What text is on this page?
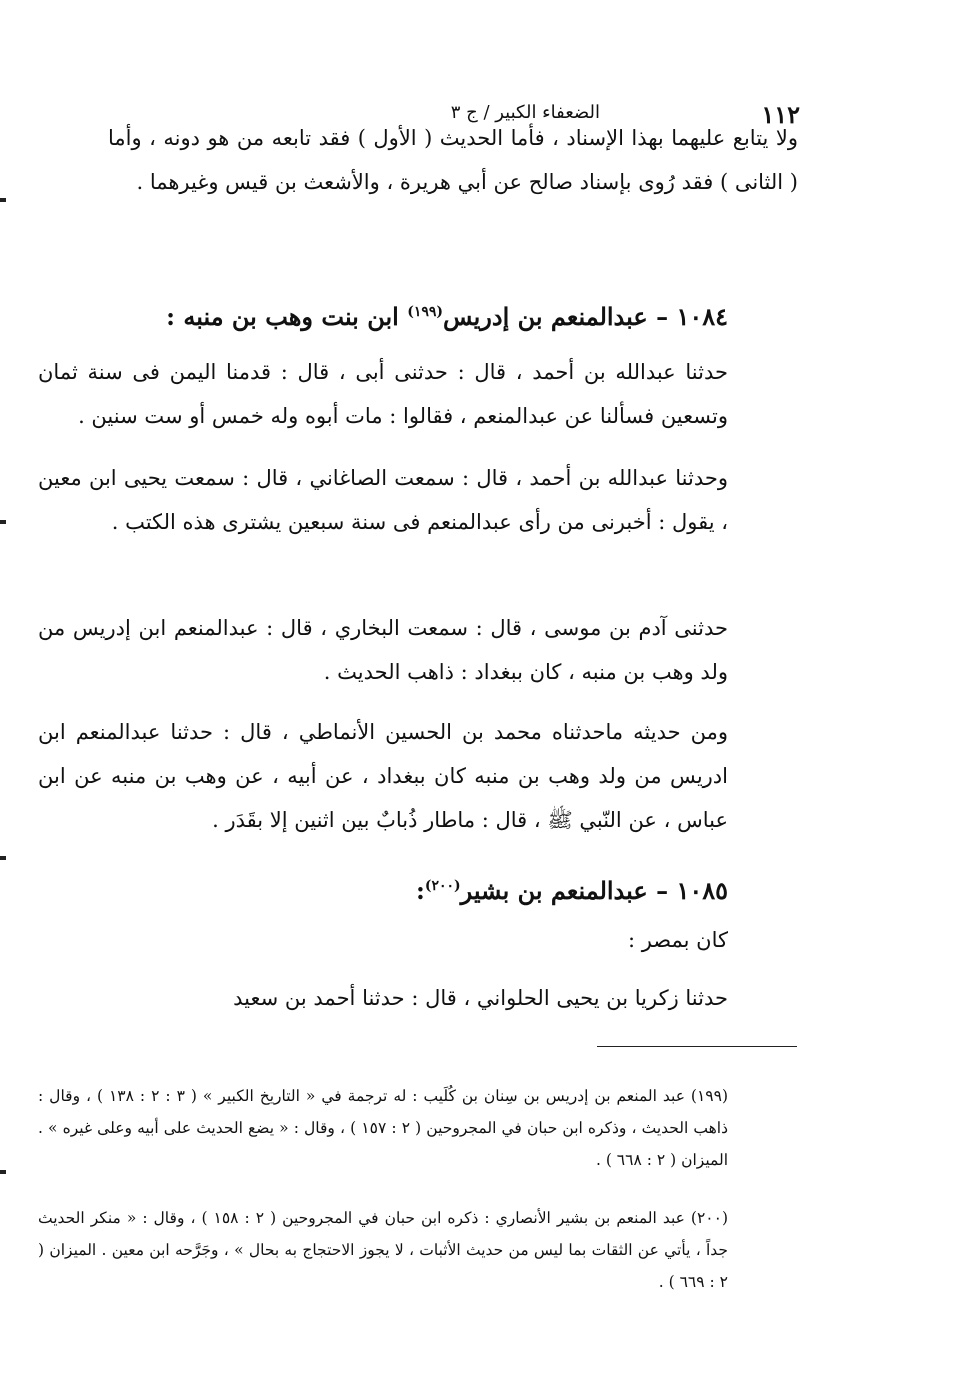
١١٢
الضعفاء الكبير / ج ٣

ولا يتابع عليهما بهذا الإسناد ، فأما الحديث ( الأول ) فقد تابعه من هو دونه ، وأما ( الثانى ) فقد رُوى بإسناد صالح عن أبي هريرة ، والأشعث بن قيس وغيرهما .

١٠٨٤ – عبدالمنعم بن إدريس$^{(١٩٩)}$ ابن بنت وهب بن منبه :

حدثنا عبدالله بن أحمد ، قال : حدثنى أبى ، قال : قدمنا اليمن فى سنة ثمان وتسعين فسألنا عن عبدالمنعم ، فقالوا : مات أبوه وله خمس أو ست سنين .

وحدثنا عبدالله بن أحمد ، قال : سمعت الصاغاني ، قال : سمعت يحيى ابن معين ، يقول : أخبرنى من رأى عبدالمنعم فى سنة سبعين يشترى هذه الكتب .

حدثنى آدم بن موسى ، قال : سمعت البخاري ، قال : عبدالمنعم ابن إدريس من ولد وهب بن منبه ، كان ببغداد : ذاهب الحديث .

ومن حديثه ماحدثناه محمد بن الحسين الأنماطي ، قال : حدثنا عبدالمنعم ابن ادريس من ولد وهب بن منبه كان ببغداد ، عن أبيه ، عن وهب بن منبه عن ابن عباس ، عن النّبي ﷺ ، قال : ماطار ذُبابٌ بين اثنين إلا بقَدَر .

١٠٨٥ – عبدالمنعم بن بشير$^{(٢٠٠)}$:

كان بمصر :

حدثنا زكريا بن يحيى الحلواني ، قال : حدثنا أحمد بن سعيد

(١٩٩) عبد المنعم بن إدريس بن سِنان بن كُلَيب : له ترجمة في « التاريخ الكبير » ( ٣ : ٢ : ١٣٨ ) ، وقال : ذاهب الحديث ، وذكره ابن حبان في المجروحين ( ٢ : ١٥٧ ) ، وقال : « يضع الحديث على أبيه وعلى غيره » . الميزان ( ٢ : ٦٦٨ ) .

(٢٠٠) عبد المنعم بن بشير الأنصاري : ذكره ابن حبان في المجروحين ( ٢ : ١٥٨ ) ، وقال : « منكر الحديث جداً ، يأتي عن الثقات بما ليس من حديث الأثبات ، لا يجوز الاحتجاج به بحال » ، وجَرَّحه ابن معين . الميزان ( ٢ : ٦٦٩ ) .
